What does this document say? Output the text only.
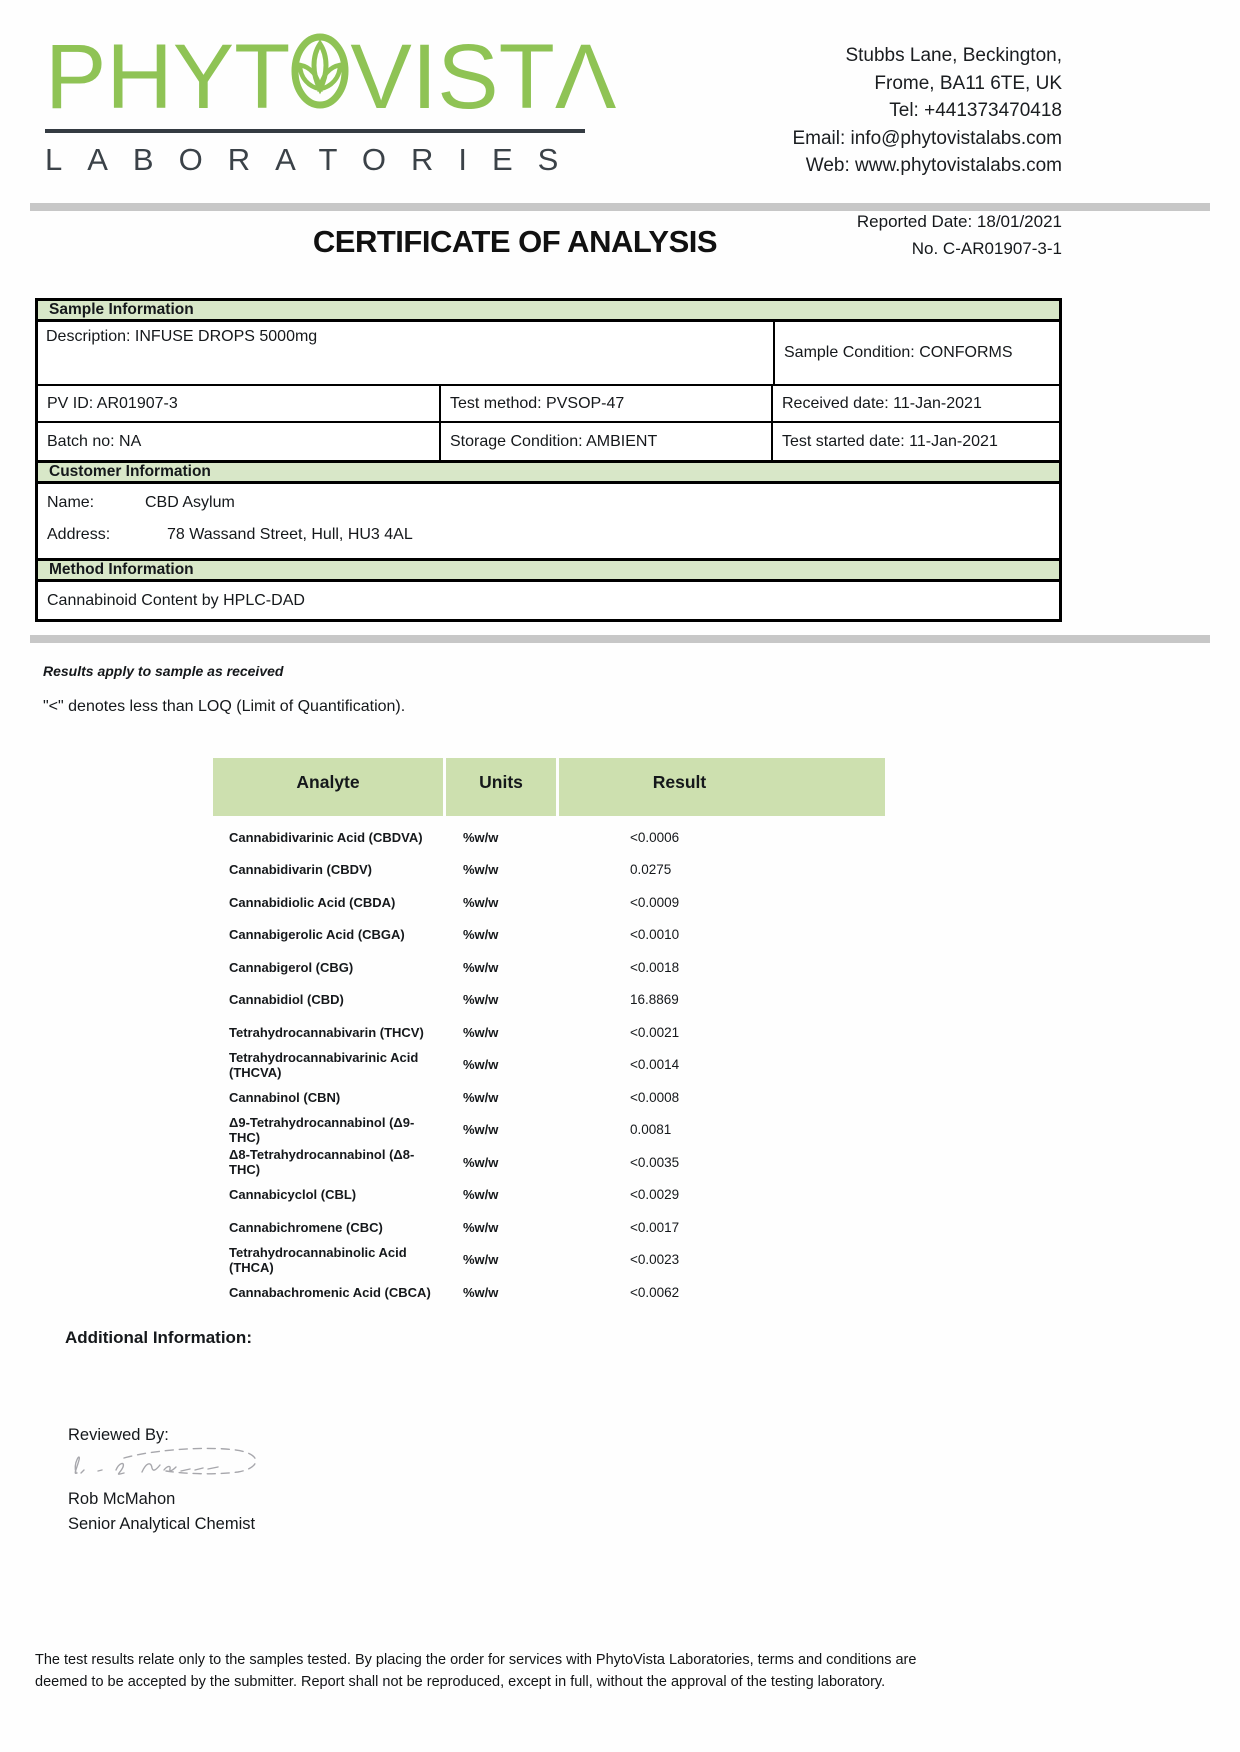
PHYT VISTΛ
LABORATORIES
Stubbs Lane, Beckington,
Frome, BA11 6TE, UK
Tel: +441373470418
Email: info@phytovistalabs.com
Web: www.phytovistalabs.com
Reported Date: 18/01/2021
No. C-AR01907-3-1
CERTIFICATE OF ANALYSIS
Sample Information
Description: INFUSE DROPS 5000mg
Sample Condition: CONFORMS
PV ID: AR01907-3	Test method: PVSOP-47	Received date: 11-Jan-2021
Batch no: NA	Storage Condition: AMBIENT	Test started date: 11-Jan-2021
Customer Information
Name:	CBD Asylum
Address:	78 Wassand Street, Hull, HU3 4AL
Method Information
Cannabinoid Content by HPLC-DAD
Results apply to sample as received
"<" denotes less than LOQ (Limit of Quantification).
Analyte	Units	Result
Cannabidivarinic Acid (CBDVA)	%w/w	<0.0006
Cannabidivarin (CBDV)	%w/w	0.0275
Cannabidiolic Acid (CBDA)	%w/w	<0.0009
Cannabigerolic Acid (CBGA)	%w/w	<0.0010
Cannabigerol (CBG)	%w/w	<0.0018
Cannabidiol (CBD)	%w/w	16.8869
Tetrahydrocannabivarin (THCV)	%w/w	<0.0021
Tetrahydrocannabivarinic Acid (THCVA)	%w/w	<0.0014
Cannabinol (CBN)	%w/w	<0.0008
Δ9-Tetrahydrocannabinol (Δ9-THC)	%w/w	0.0081
Δ8-Tetrahydrocannabinol (Δ8-THC)	%w/w	<0.0035
Cannabicyclol (CBL)	%w/w	<0.0029
Cannabichromene (CBC)	%w/w	<0.0017
Tetrahydrocannabinolic Acid (THCA)	%w/w	<0.0023
Cannabachromenic Acid (CBCA)	%w/w	<0.0062
Additional Information:
Reviewed By:
Rob McMahon
Senior Analytical Chemist
The test results relate only to the samples tested. By placing the order for services with PhytoVista Laboratories, terms and conditions are
deemed to be accepted by the submitter. Report shall not be reproduced, except in full, without the approval of the testing laboratory.
